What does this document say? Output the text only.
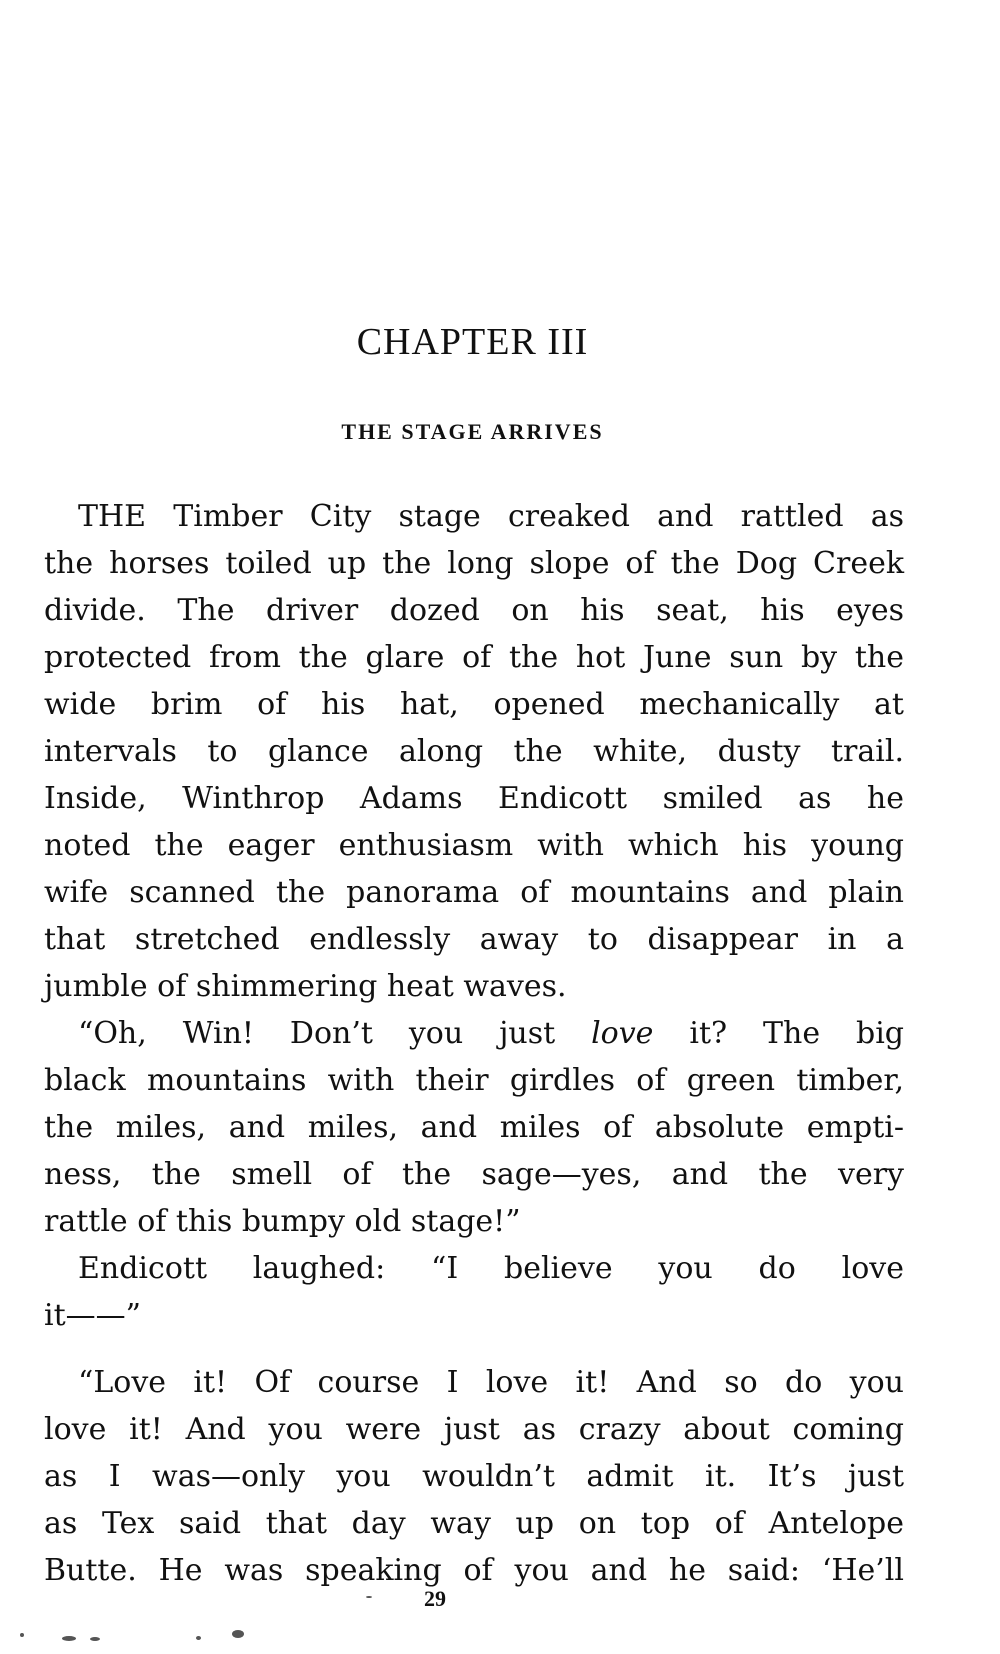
CHAPTER III
THE STAGE ARRIVES
THE Timber City stage creaked and rattled as
the horses toiled up the long slope of the Dog Creek
divide. The driver dozed on his seat, his eyes
protected from the glare of the hot June sun by the
wide brim of his hat, opened mechanically at
intervals to glance along the white, dusty trail.
Inside, Winthrop Adams Endicott smiled as he
noted the eager enthusiasm with which his young
wife scanned the panorama of mountains and plain
that stretched endlessly away to disappear in a
jumble of shimmering heat waves.
“Oh, Win! Don’t you just love it? The big
black mountains with their girdles of green timber,
the miles, and miles, and miles of absolute empti-
ness, the smell of the sage—yes, and the very
rattle of this bumpy old stage!”
Endicott laughed: “I believe you do love
it——”
“Love it! Of course I love it! And so do you
love it! And you were just as crazy about coming
as I was—only you wouldn’t admit it. It’s just
as Tex said that day way up on top of Antelope
Butte. He was speaking of you and he said: ‘He’ll
29
